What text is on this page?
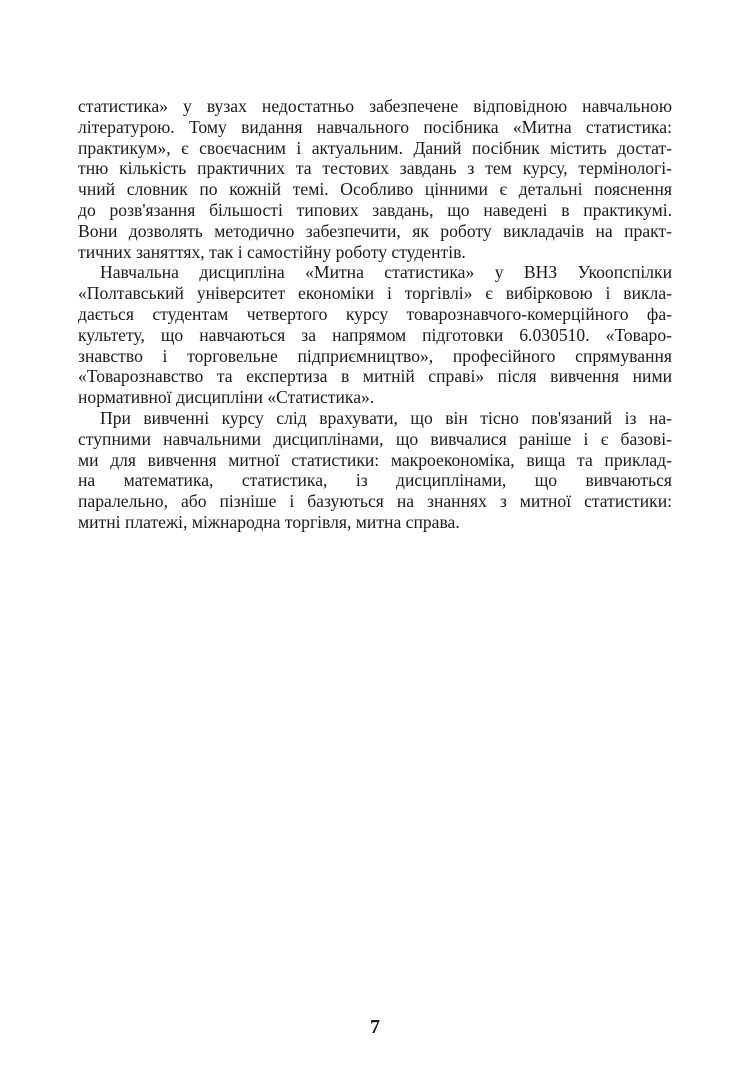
статистика» у вузах недостатньо забезпечене відповідною навчальною
літературою. Тому видання навчального посібника «Митна статистика:
практикум», є своєчасним і актуальним. Даний посібник містить достат-
тню кількість практичних та тестових завдань з тем курсу, термінологі-
чний словник по кожній темі. Особливо цінними є детальні пояснення
до розв'язання більшості типових завдань, що наведені в практикумі.
Вони дозволять методично забезпечити, як роботу викладачів на практ-
тичних заняттях, так і самостійну роботу студентів.
Навчальна дисципліна «Митна статистика» у ВНЗ Укоопспілки
«Полтавський університет економіки і торгівлі» є вибірковою і викла-
дається студентам четвертого курсу товарознавчого-комерційного фа-
культету, що навчаються за напрямом підготовки 6.030510. «Товаро-
знавство і торговельне підприємництво», професійного спрямування
«Товарознавство та експертиза в митній справі» після вивчення ними
нормативної дисципліни «Статистика».
При вивченні курсу слід врахувати, що він тісно пов'язаний із на-
ступними навчальними дисциплінами, що вивчалися раніше і є базові-
ми для вивчення митної статистики: макроекономіка, вища та приклад-
на математика, статистика, із дисциплінами, що вивчаються
паралельно, або пізніше і базуються на знаннях з митної статистики:
митні платежі, міжнародна торгівля, митна справа.
7
